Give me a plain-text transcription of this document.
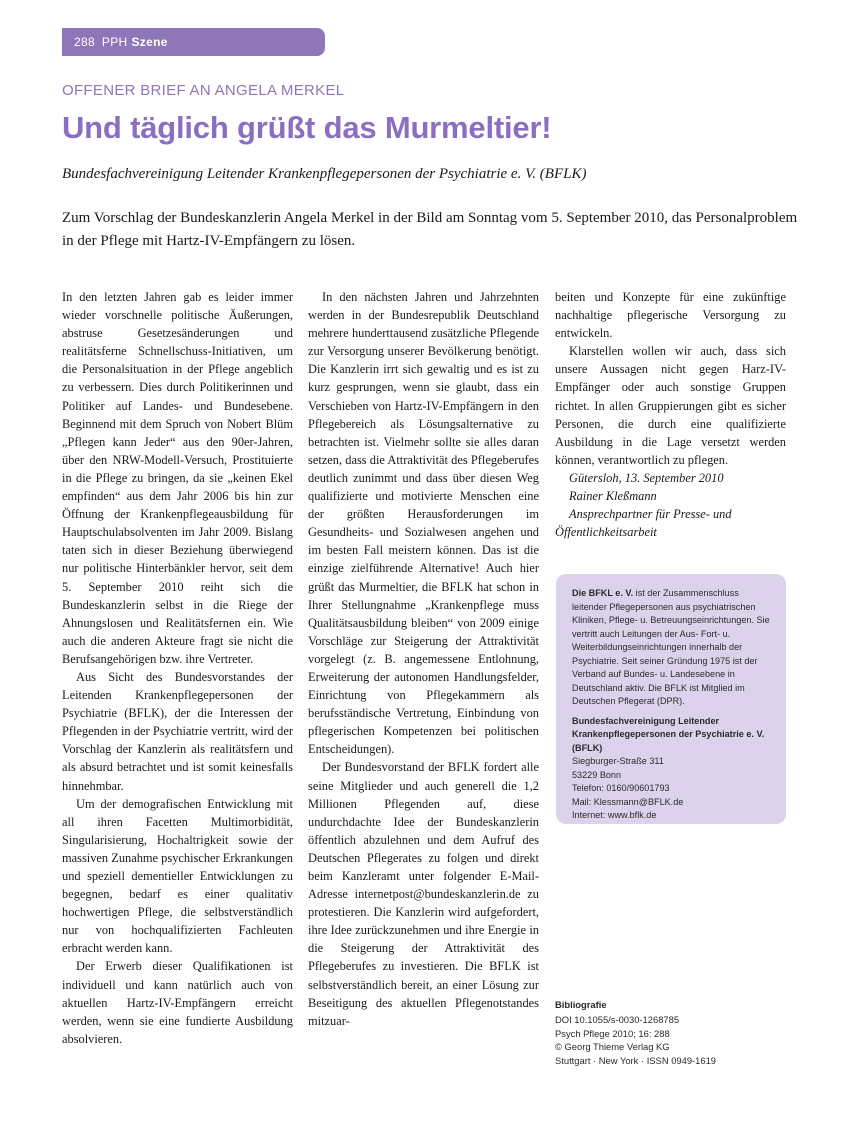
288 PPH Szene

OFFENER BRIEF AN ANGELA MERKEL

Und täglich grüßt das Murmeltier!

Bundesfachvereinigung Leitender Krankenpflegepersonen der Psychiatrie e. V. (BFLK)

Zum Vorschlag der Bundeskanzlerin Angela Merkel in der Bild am Sonntag vom 5. September 2010, das Personalproblem in der Pflege mit Hartz-IV-Empfängern zu lösen.

In den letzten Jahren gab es leider immer wieder vorschnelle politische Äußerungen, abstruse Gesetzesänderungen und realitätsferne Schnellschuss-Initiativen, um die Personalsituation in der Pflege angeblich zu verbessern. Dies durch Politikerinnen und Politiker auf Landes- und Bundesebene. Beginnend mit dem Spruch von Nobert Blüm „Pflegen kann Jeder“ aus den 90er-Jahren, über den NRW-Modell-Versuch, Prostituierte in die Pflege zu bringen, da sie „keinen Ekel empfinden“ aus dem Jahr 2006 bis hin zur Öffnung der Krankenpflegeausbildung für Hauptschulabsolventen im Jahr 2009. Bislang taten sich in dieser Beziehung überwiegend nur politische Hinterbänkler hervor, seit dem 5. September 2010 reiht sich die Bundeskanzlerin selbst in die Riege der Ahnungslosen und Realitätsfernen ein. Wie auch die anderen Akteure fragt sie nicht die Berufsangehörigen bzw. ihre Vertreter.

Aus Sicht des Bundesvorstandes der Leitenden Krankenpflegepersonen der Psychiatrie (BFLK), der die Interessen der Pflegenden in der Psychiatrie vertritt, wird der Vorschlag der Kanzlerin als realitätsfern und als absurd betrachtet und ist somit keinesfalls hinnehmbar.

Um der demografischen Entwicklung mit all ihren Facetten Multimorbidität, Singularisierung, Hochaltrigkeit sowie der massiven Zunahme psychischer Erkrankungen und speziell dementieller Entwicklungen zu begegnen, bedarf es einer qualitativ hochwertigen Pflege, die selbstverständlich nur von hochqualifizierten Fachleuten erbracht werden kann.

Der Erwerb dieser Qualifikationen ist individuell und kann natürlich auch von aktuellen Hartz-IV-Empfängern erreicht werden, wenn sie eine fundierte Ausbildung absolvieren.

In den nächsten Jahren und Jahrzehnten werden in der Bundesrepublik Deutschland mehrere hunderttausend zusätzliche Pflegende zur Versorgung unserer Bevölkerung benötigt. Die Kanzlerin irrt sich gewaltig und es ist zu kurz gesprungen, wenn sie glaubt, dass ein Verschieben von Hartz-IV-Empfängern in den Pflegebereich als Lösungsalternative zu betrachten ist. Vielmehr sollte sie alles daran setzen, dass die Attraktivität des Pflegeberufes deutlich zunimmt und dass über diesen Weg qualifizierte und motivierte Menschen eine der größten Herausforderungen im Gesundheits- und Sozialwesen angehen und im besten Fall meistern können. Das ist die einzige zielführende Alternative! Auch hier grüßt das Murmeltier, die BFLK hat schon in Ihrer Stellungnahme „Krankenpflege muss Qualitätsausbildung bleiben“ von 2009 einige Vorschläge zur Steigerung der Attraktivität vorgelegt (z. B. angemessene Entlohnung, Erweiterung der autonomen Handlungsfelder, Einrichtung von Pflegekammern als berufsständische Vertretung, Einbindung von pflegerischen Kompetenzen bei politischen Entscheidungen).

Der Bundesvorstand der BFLK fordert alle seine Mitglieder und auch generell die 1,2 Millionen Pflegenden auf, diese undurchdachte Idee der Bundeskanzlerin öffentlich abzulehnen und dem Aufruf des Deutschen Pflegerates zu folgen und direkt beim Kanzleramt unter folgender E-Mail-Adresse internetpost@bundeskanzlerin.de zu protestieren. Die Kanzlerin wird aufgefordert, ihre Idee zurückzunehmen und ihre Energie in die Steigerung der Attraktivität des Pflegeberufes zu investieren. Die BFLK ist selbstverständlich bereit, an einer Lösung zur Beseitigung des aktuellen Pflegenotstandes mitzuar-

beiten und Konzepte für eine zukünftige nachhaltige pflegerische Versorgung zu entwickeln.

Klarstellen wollen wir auch, dass sich unsere Aussagen nicht gegen Harz-IV-Empfänger oder auch sonstige Gruppen richtet. In allen Gruppierungen gibt es sicher Personen, die durch eine qualifizierte Ausbildung in die Lage versetzt werden können, verantwortlich zu pflegen.

Gütersloh, 13. September 2010

Rainer Kleßmann

Ansprechpartner für Presse- und Öffentlichkeitsarbeit

Die BFKL e. V. ist der Zusammenschluss leitender Pflegepersonen aus psychiatrischen Kliniken, Pflege- u. Betreuungseinrichtungen. Sie vertritt auch Leitungen der Aus- Fort- u. Weiterbildungseinrichtungen innerhalb der Psychiatrie. Seit seiner Gründung 1975 ist der Verband auf Bundes- u. Landesebene in Deutschland aktiv. Die BFLK ist Mitglied im Deutschen Pflegerat (DPR).

Bundesfachvereinigung Leitender Krankenpflegepersonen der Psychiatrie e. V. (BFLK)

Siegburger-Straße 311

53229 Bonn

Telefon: 0160/90601793

Mail: Klessmann@BFLK.de

Internet: www.bflk.de

Bibliografie
DOI 10.1055/s-0030-1268785
Psych Pflege 2010; 16: 288
© Georg Thieme Verlag KG
Stuttgart · New York · ISSN 0949-1619
